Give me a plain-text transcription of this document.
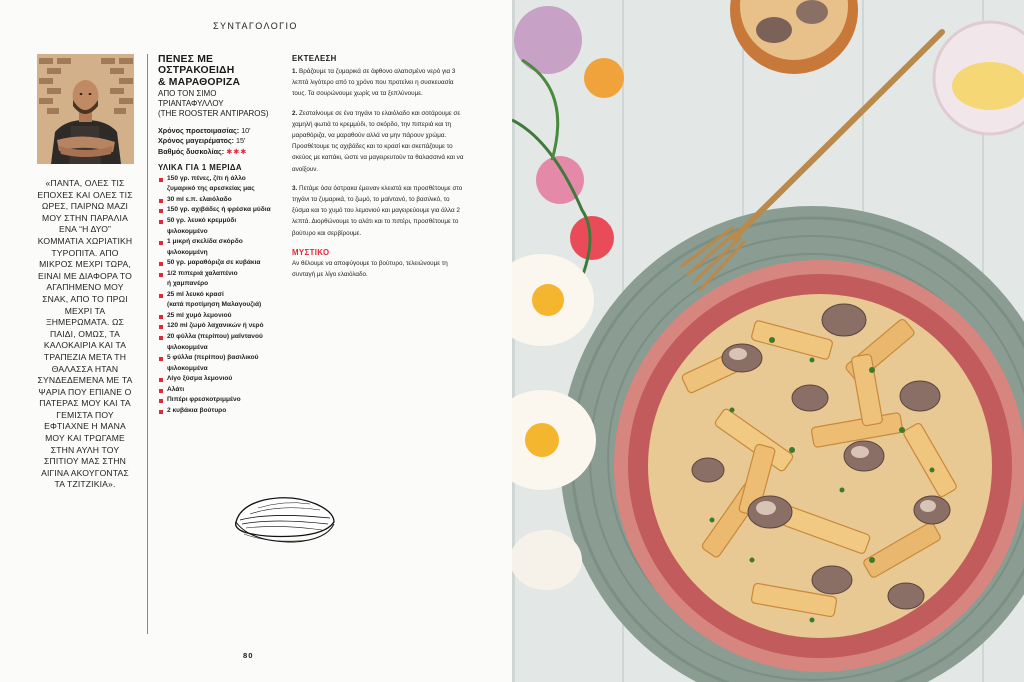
ΣΥΝΤΑΓΟΛΟΓΙΟ

«ΠΑΝΤΑ, ΟΛΕΣ ΤΙΣ ΕΠΟΧΕΣ ΚΑΙ ΟΛΕΣ ΤΙΣ ΩΡΕΣ, ΠΑΙΡΝΩ ΜΑΖΙ ΜΟΥ ΣΤΗΝ ΠΑΡΑΛΙΑ ΕΝΑ “Η ΔΥΟ” ΚΟΜΜΑΤΙΑ ΧΩΡΙΑΤΙΚΗ ΤΥΡΟΠΙΤΑ. ΑΠΟ ΜΙΚΡΟΣ ΜΕΧΡΙ ΤΩΡΑ, ΕΙΝΑΙ ΜΕ ΔΙΑΦΟΡΑ ΤΟ ΑΓΑΠΗΜΕΝΟ ΜΟΥ ΣΝΑΚ, ΑΠΟ ΤΟ ΠΡΩΙ ΜΕΧΡΙ ΤΑ ΞΗΜΕΡΩΜΑΤΑ. ΩΣ ΠΑΙΔΙ, ΟΜΩΣ, ΤΑ ΚΑΛΟΚΑΙΡΙΑ ΚΑΙ ΤΑ ΤΡΑΠΕΖΙΑ ΜΕΤΑ ΤΗ ΘΑΛΑΣΣΑ ΗΤΑΝ ΣΥΝΔΕΔΕΜΕΝΑ ΜΕ ΤΑ ΨΑΡΙΑ ΠΟΥ ΕΠΙΑΝΕ Ο ΠΑΤΕΡΑΣ ΜΟΥ ΚΑΙ ΤΑ ΓΕΜΙΣΤΑ ΠΟΥ ΕΦΤΙΑΧΝΕ Η ΜΑΝΑ ΜΟΥ ΚΑΙ ΤΡΩΓΑΜΕ ΣΤΗΝ ΑΥΛΗ ΤΟΥ ΣΠΙΤΙΟΥ ΜΑΣ ΣΤΗΝ ΑΙΓΙΝΑ ΑΚΟΥΓΟΝΤΑΣ ΤΑ ΤΖΙΤΖΙΚΙΑ».

ΠΕΝΕΣ ΜΕ
ΟΣΤΡΑΚΟΕΙΔΗ
& ΜΑΡΑΘΟΡΙΖΑ
ΑΠΟ ΤΟΝ ΣΙΜΟ
ΤΡΙΑΝΤΑΦΥΛΛΟΥ
(THE ROOSTER ANTIPAROS)
Χρόνος προετοιμασίας: 10'
Χρόνος μαγειρέματος: 15'
Βαθμός δυσκολίας: ✱✱✱
ΥΛΙΚΑ ΓΙΑ 1 ΜΕΡΙΔΑ
150 γρ. πένες, ζίτι ή άλλο
ζυμαρικό της αρεσκείας μας
30 ml ε.π. ελαιόλαδο
150 γρ. αχιβάδες ή φρέσκα μύδια
50 γρ. λευκό κρεμμύδι
ψιλοκομμένο
1 μικρή σκελίδα σκόρδο
ψιλοκομμένη
50 γρ. μαραθόριζα σε κυβάκια
1/2 πιπεριά χαλαπένιο
ή χαμπανέρο
25 ml λευκό κρασί
(κατά προτίμηση Μαλαγουζιά)
25 ml χυμό λεμονιού
120 ml ζωμό λαχανικών ή νερό
20 φύλλα (περίπου) μαϊντανού
ψιλοκομμένα
5 φύλλα (περίπου) βασιλικού
ψιλοκομμένα
Λίγο ξύσμα λεμονιού
Αλάτι
Πιπέρι φρεσκοτριμμένο
2 κυβάκια βούτυρο
ΕΚΤΕΛΕΣΗ

1. Βράζουμε τα ζυμαρικά σε άφθονο αλατισμένο νερό για 3 λεπτά λιγότερο από το χρόνο που προτείνει η συσκευασία τους. Τα σουρώνουμε χωρίς να τα ξεπλύνουμε.

2. Ζεσταίνουμε σε ένα τηγάνι το ελαιόλαδο και σοτάρουμε σε χαμηλή φωτιά το κρεμμύδι, το σκόρδο, την πιπεριά και τη μαραθόριζα, να μαραθούν αλλά να μην πάρουν χρώμα. Προσθέτουμε τις αχιβάδες και το κρασί και σκεπάζουμε το σκεύος με καπάκι, ώστε να μαγειρευτούν τα θαλασσινά και να ανοίξουν.

3. Πετάμε όσα όστρακα έμειναν κλειστά και προσθέτουμε στο τηγάνι τα ζυμαρικά, το ζωμό, το μαϊντανό, το βασιλικό, το ξύσμα και το χυμό του λεμονιού και μαγειρεύουμε για άλλα 2 λεπτά. Διορθώνουμε το αλάτι και το πιπέρι, προσθέτουμε το βούτυρο και σερβίρουμε.

ΜΥΣΤΙΚΟ

Αν θέλουμε να αποφύγουμε το βούτυρο, τελειώνουμε τη συνταγή με λίγο ελαιόλαδο.

80
